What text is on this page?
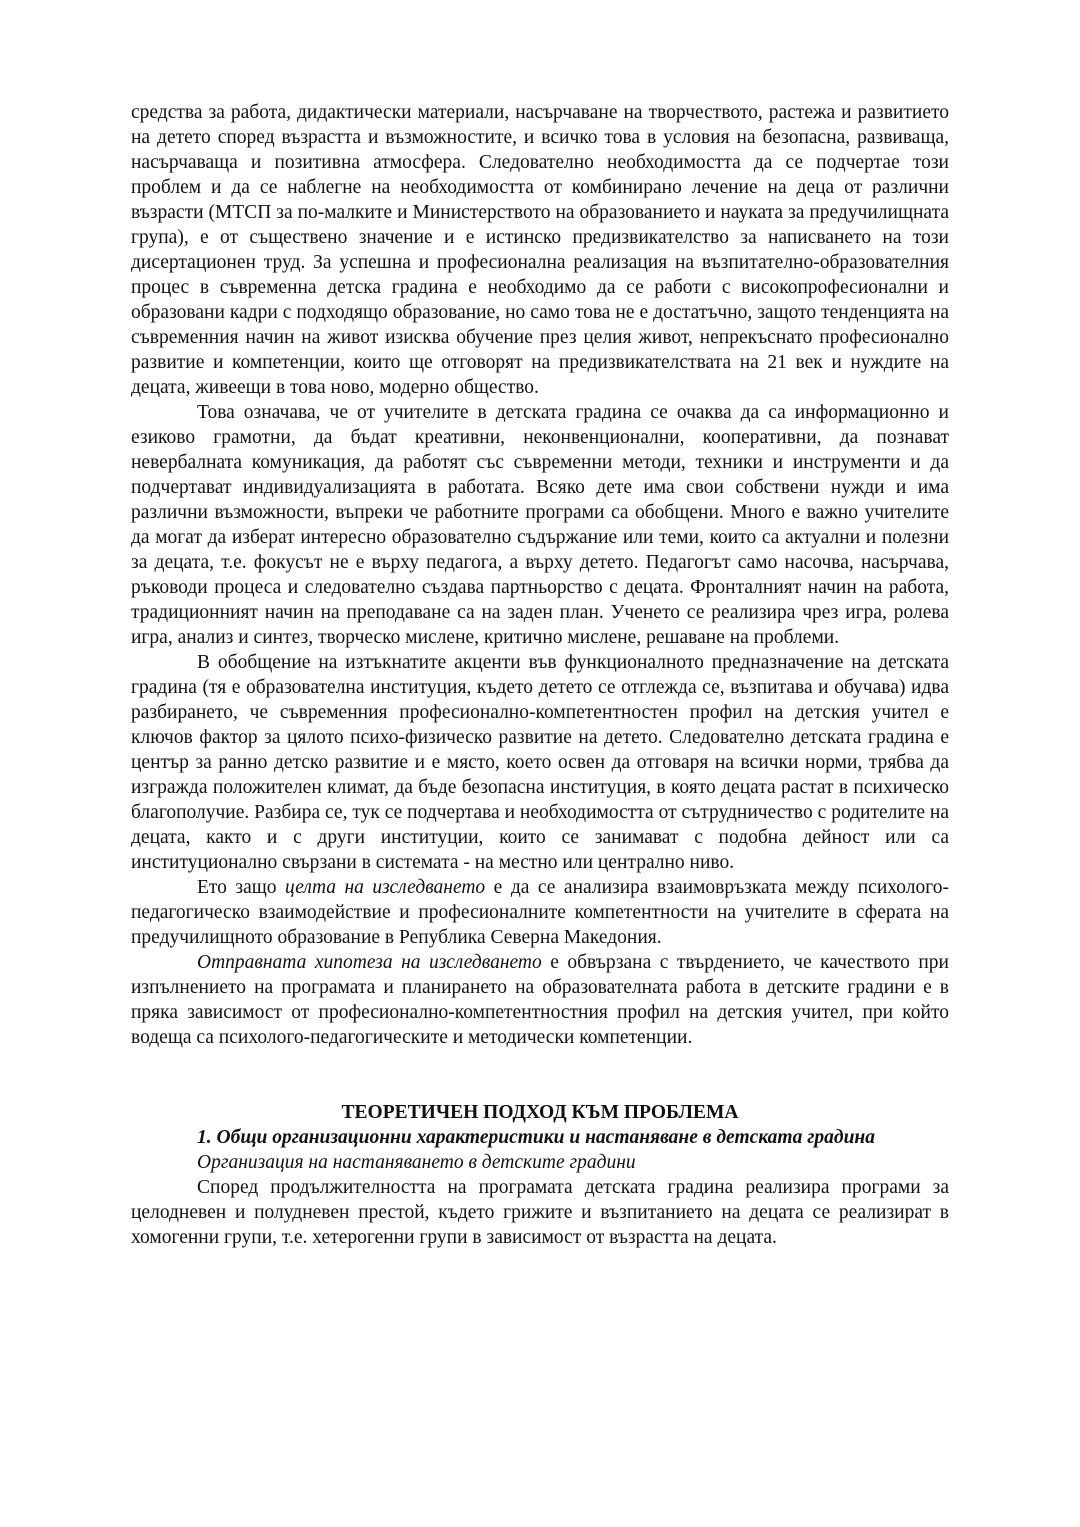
средства за работа, дидактически материали, насърчаване на творчеството, растежа и развитието на детето според възрастта и възможностите, и всичко това в условия на безопасна, развиваща, насърчаваща и позитивна атмосфера. Следователно необходимостта да се подчертае този проблем и да се наблегне на необходимостта от комбинирано лечение на деца от различни възрасти (МТСП за по-малките и Министерството на образованието и науката за предучилищната група), е от съществено значение и е истинско предизвикателство за написването на този дисертационен труд. За успешна и професионална реализация на възпитателно-образователния процес в съвременна детска градина е необходимо да се работи с високопрофесионални и образовани кадри с подходящо образование, но само това не е достатъчно, защото тенденцията на съвременния начин на живот изисква обучение през целия живот, непрекъснато професионално развитие и компетенции, които ще отговорят на предизвикателствата на 21 век и нуждите на децата, живеещи в това ново, модерно общество.

Това означава, че от учителите в детската градина се очаква да са информационно и езиково грамотни, да бъдат креативни, неконвенционални, кооперативни, да познават невербалната комуникация, да работят със съвременни методи, техники и инструменти и да подчертават индивидуализацията в работата. Всяко дете има свои собствени нужди и има различни възможности, въпреки че работните програми са обобщени. Много е важно учителите да могат да изберат интересно образователно съдържание или теми, които са актуални и полезни за децата, т.е. фокусът не е върху педагога, а върху детето. Педагогът само насочва, насърчава, ръководи процеса и следователно създава партньорство с децата. Фронталният начин на работа, традиционният начин на преподаване са на заден план. Ученето се реализира чрез игра, ролева игра, анализ и синтез, творческо мислене, критично мислене, решаване на проблеми.

В обобщение на изтъкнатите акценти във функционалното предназначение на детската градина (тя е образователна институция, където детето се отглежда се, възпитава и обучава) идва разбирането, че съвременния професионално-компетентностен профил на детския учител е ключов фактор за цялото психо-физическо развитие на детето. Следователно детската градина е център за ранно детско развитие и е място, което освен да отговаря на всички норми, трябва да изгражда положителен климат, да бъде безопасна институция, в която децата растат в психическо благополучие. Разбира се, тук се подчертава и необходимостта от сътрудничество с родителите на децата, както и с други институции, които се занимават с подобна дейност или са институционално свързани в системата - на местно или централно ниво.

Ето защо целта на изследването е да се анализира взаимовръзката между психолого-педагогическо взаимодействие и професионалните компетентности на учителите в сферата на предучилищното образование в Република Северна Македония.

Отправната хипотеза на изследването е обвързана с твърдението, че качеството при изпълнението на програмата и планирането на образователната работа в детските градини е в пряка зависимост от професионално-компетентностния профил на детския учител, при който водеща са психолого-педагогическите и методически компетенции.

ТЕОРЕТИЧЕН ПОДХОД КЪМ ПРОБЛЕМА

1. Общи организационни характеристики и настаняване в детската градина

Организация на настаняването в детските градини

Според продължителността на програмата детската градина реализира програми за целодневен и полудневен престой, където грижите и възпитанието на децата се реализират в хомогенни групи, т.е. хетерогенни групи в зависимост от възрастта на децата.
